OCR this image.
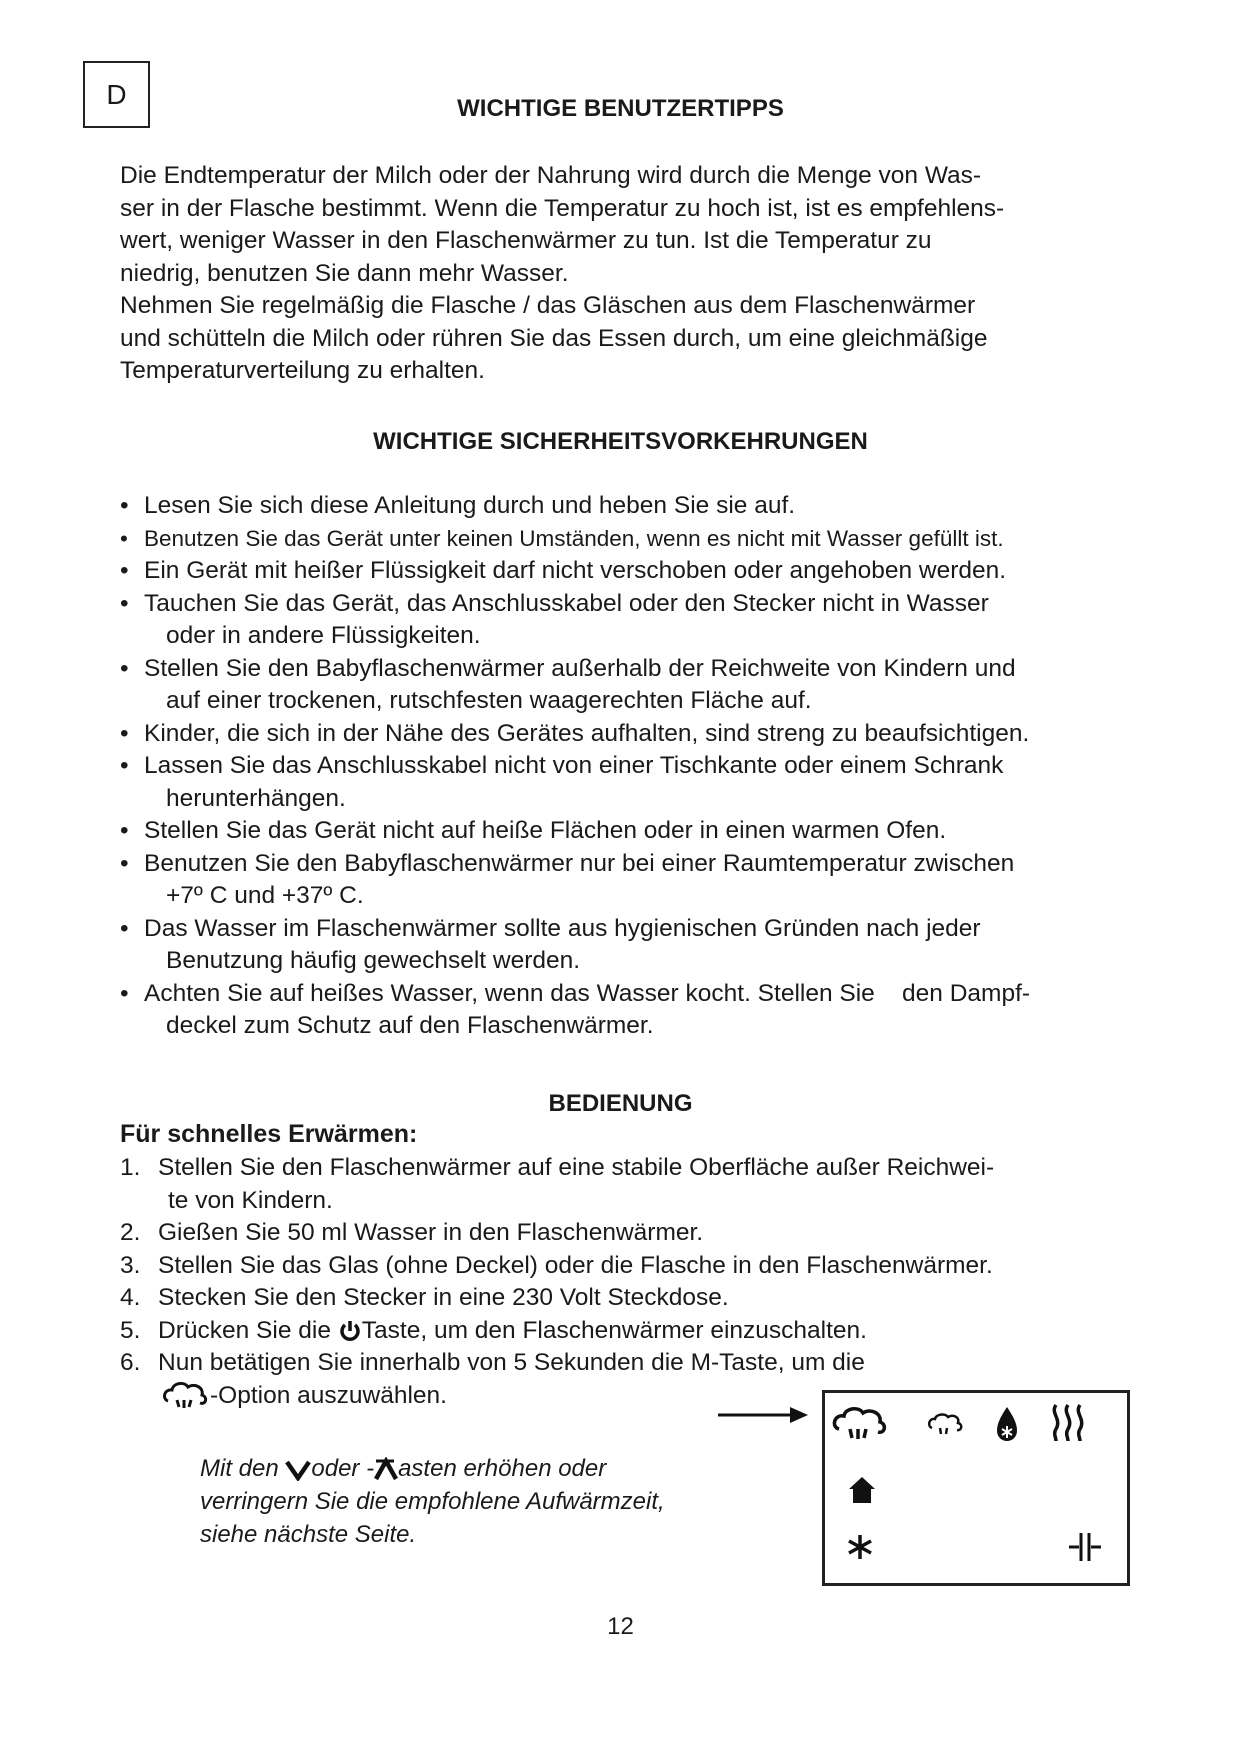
D	WICHTIGE BENUTZERTIPPS

Die Endtemperatur der Milch oder der Nahrung wird durch die Menge von Was-
ser in der Flasche bestimmt. Wenn die Temperatur zu hoch ist, ist es empfehlens-
wert, weniger Wasser in den Flaschenwärmer zu tun. Ist die Temperatur zu
niedrig, benutzen Sie dann mehr Wasser.

Nehmen Sie regelmäßig die Flasche / das Gläschen aus dem Flaschenwärmer
und schütteln die Milch oder rühren Sie das Essen durch, um eine gleichmäßige
Temperaturverteilung zu erhalten.

WICHTIGE SICHERHEITSVORKEHRUNGEN
• Lesen Sie sich diese Anleitung durch und heben Sie sie auf.
• Benutzen Sie das Gerät unter keinen Umständen, wenn es nicht mit Wasser gefüllt ist.
• Ein Gerät mit heißer Flüssigkeit darf nicht verschoben oder angehoben werden.
• Tauchen Sie das Gerät, das Anschlusskabel oder den Stecker nicht in Wasser
oder in andere Flüssigkeiten.
• Stellen Sie den Babyflaschenwärmer außerhalb der Reichweite von Kindern und
auf einer trockenen, rutschfesten waagerechten Fläche auf.
• Kinder, die sich in der Nähe des Gerätes aufhalten, sind streng zu beaufsichtigen.
• Lassen Sie das Anschlusskabel nicht von einer Tischkante oder einem Schrank
herunterhängen.
• Stellen Sie das Gerät nicht auf heiße Flächen oder in einen warmen Ofen.
• Benutzen Sie den Babyflaschenwärmer nur bei einer Raumtemperatur zwischen
+7º C und +37º C.
• Das Wasser im Flaschenwärmer sollte aus hygienischen Gründen nach jeder
Benutzung häufig gewechselt werden.
• Achten Sie auf heißes Wasser, wenn das Wasser kocht. Stellen Sie    den Dampf-
deckel zum Schutz auf den Flaschenwärmer.
BEDIENUNG
Für schnelles Erwärmen:
1. Stellen Sie den Flaschenwärmer auf eine stabile Oberfläche außer Reichwei-
te von Kindern.
2. Gießen Sie 50 ml Wasser in den Flaschenwärmer.
3. Stellen Sie das Glas (ohne Deckel) oder die Flasche in den Flaschenwärmer.
4. Stecken Sie den Stecker in eine 230 Volt Steckdose.
5. Drücken Sie die Taste, um den Flaschenwärmer einzuschalten.
6. Nun betätigen Sie innerhalb von 5 Sekunden die M-Taste, um die
-Option auszuwählen.
Mit den oder - asten erhöhen oder
verringern Sie die empfohlene Aufwärmzeit,
siehe nächste Seite.
12
